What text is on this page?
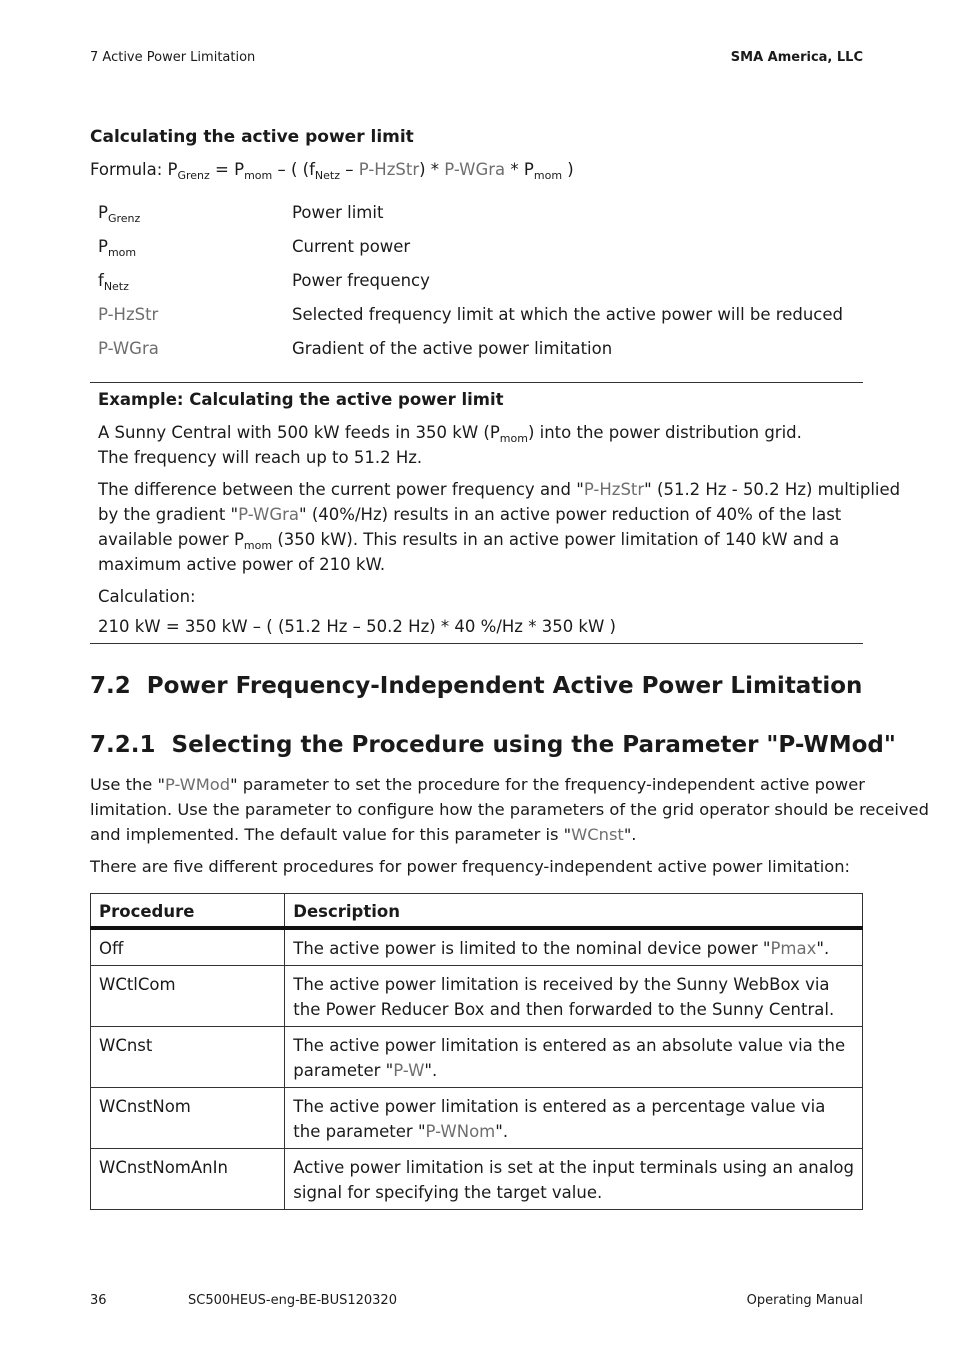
7 Active Power Limitation	SMA America, LLC
Calculating the active power limit
Formula: $P_{Grenz} = P_{mom}$ – ( ($f_{Netz}$ – P-HzStr) * P-WGra * $P_{mom}$ )
$P_{Grenz}$	Power limit
$P_{mom}$	Current power
$f_{Netz}$	Power frequency
P-HzStr	Selected frequency limit at which the active power will be reduced
P-WGra	Gradient of the active power limitation
Example: Calculating the active power limit
A Sunny Central with 500 kW feeds in 350 kW $(P_{mom})$ into the power distribution grid.
The frequency will reach up to 51.2 Hz.
The difference between the current power frequency and "P-HzStr" (51.2 Hz - 50.2 Hz) multiplied
by the gradient "P-WGra" (40%/Hz) results in an active power reduction of 40% of the last
available power $P_{mom}$ (350 kW). This results in an active power limitation of 140 kW and a
maximum active power of 210 kW.
Calculation:
210 kW = 350 kW – ( (51.2 Hz – 50.2 Hz) * 40 %/Hz * 350 kW )
7.2 Power Frequency-Independent Active Power Limitation
7.2.1 Selecting the Procedure using the Parameter "P-WMod"
Use the "P-WMod" parameter to set the procedure for the frequency-independent active power
limitation. Use the parameter to configure how the parameters of the grid operator should be received
and implemented. The default value for this parameter is "WCnst".
There are five different procedures for power frequency-independent active power limitation:
Procedure	Description
Off	The active power is limited to the nominal device power "Pmax".
WCtlCom	The active power limitation is received by the Sunny WebBox via
the Power Reducer Box and then forwarded to the Sunny Central.

WCnst	The active power limitation is entered as an absolute value via the
parameter "P-W".

WCnstNom	The active power limitation is entered as a percentage value via
the parameter "P-WNom".

WCnstNomAnIn	Active power limitation is set at the input terminals using an analog
signal for specifying the target value.
36	SC500HEUS-eng-BE-BUS120320	Operating Manual
